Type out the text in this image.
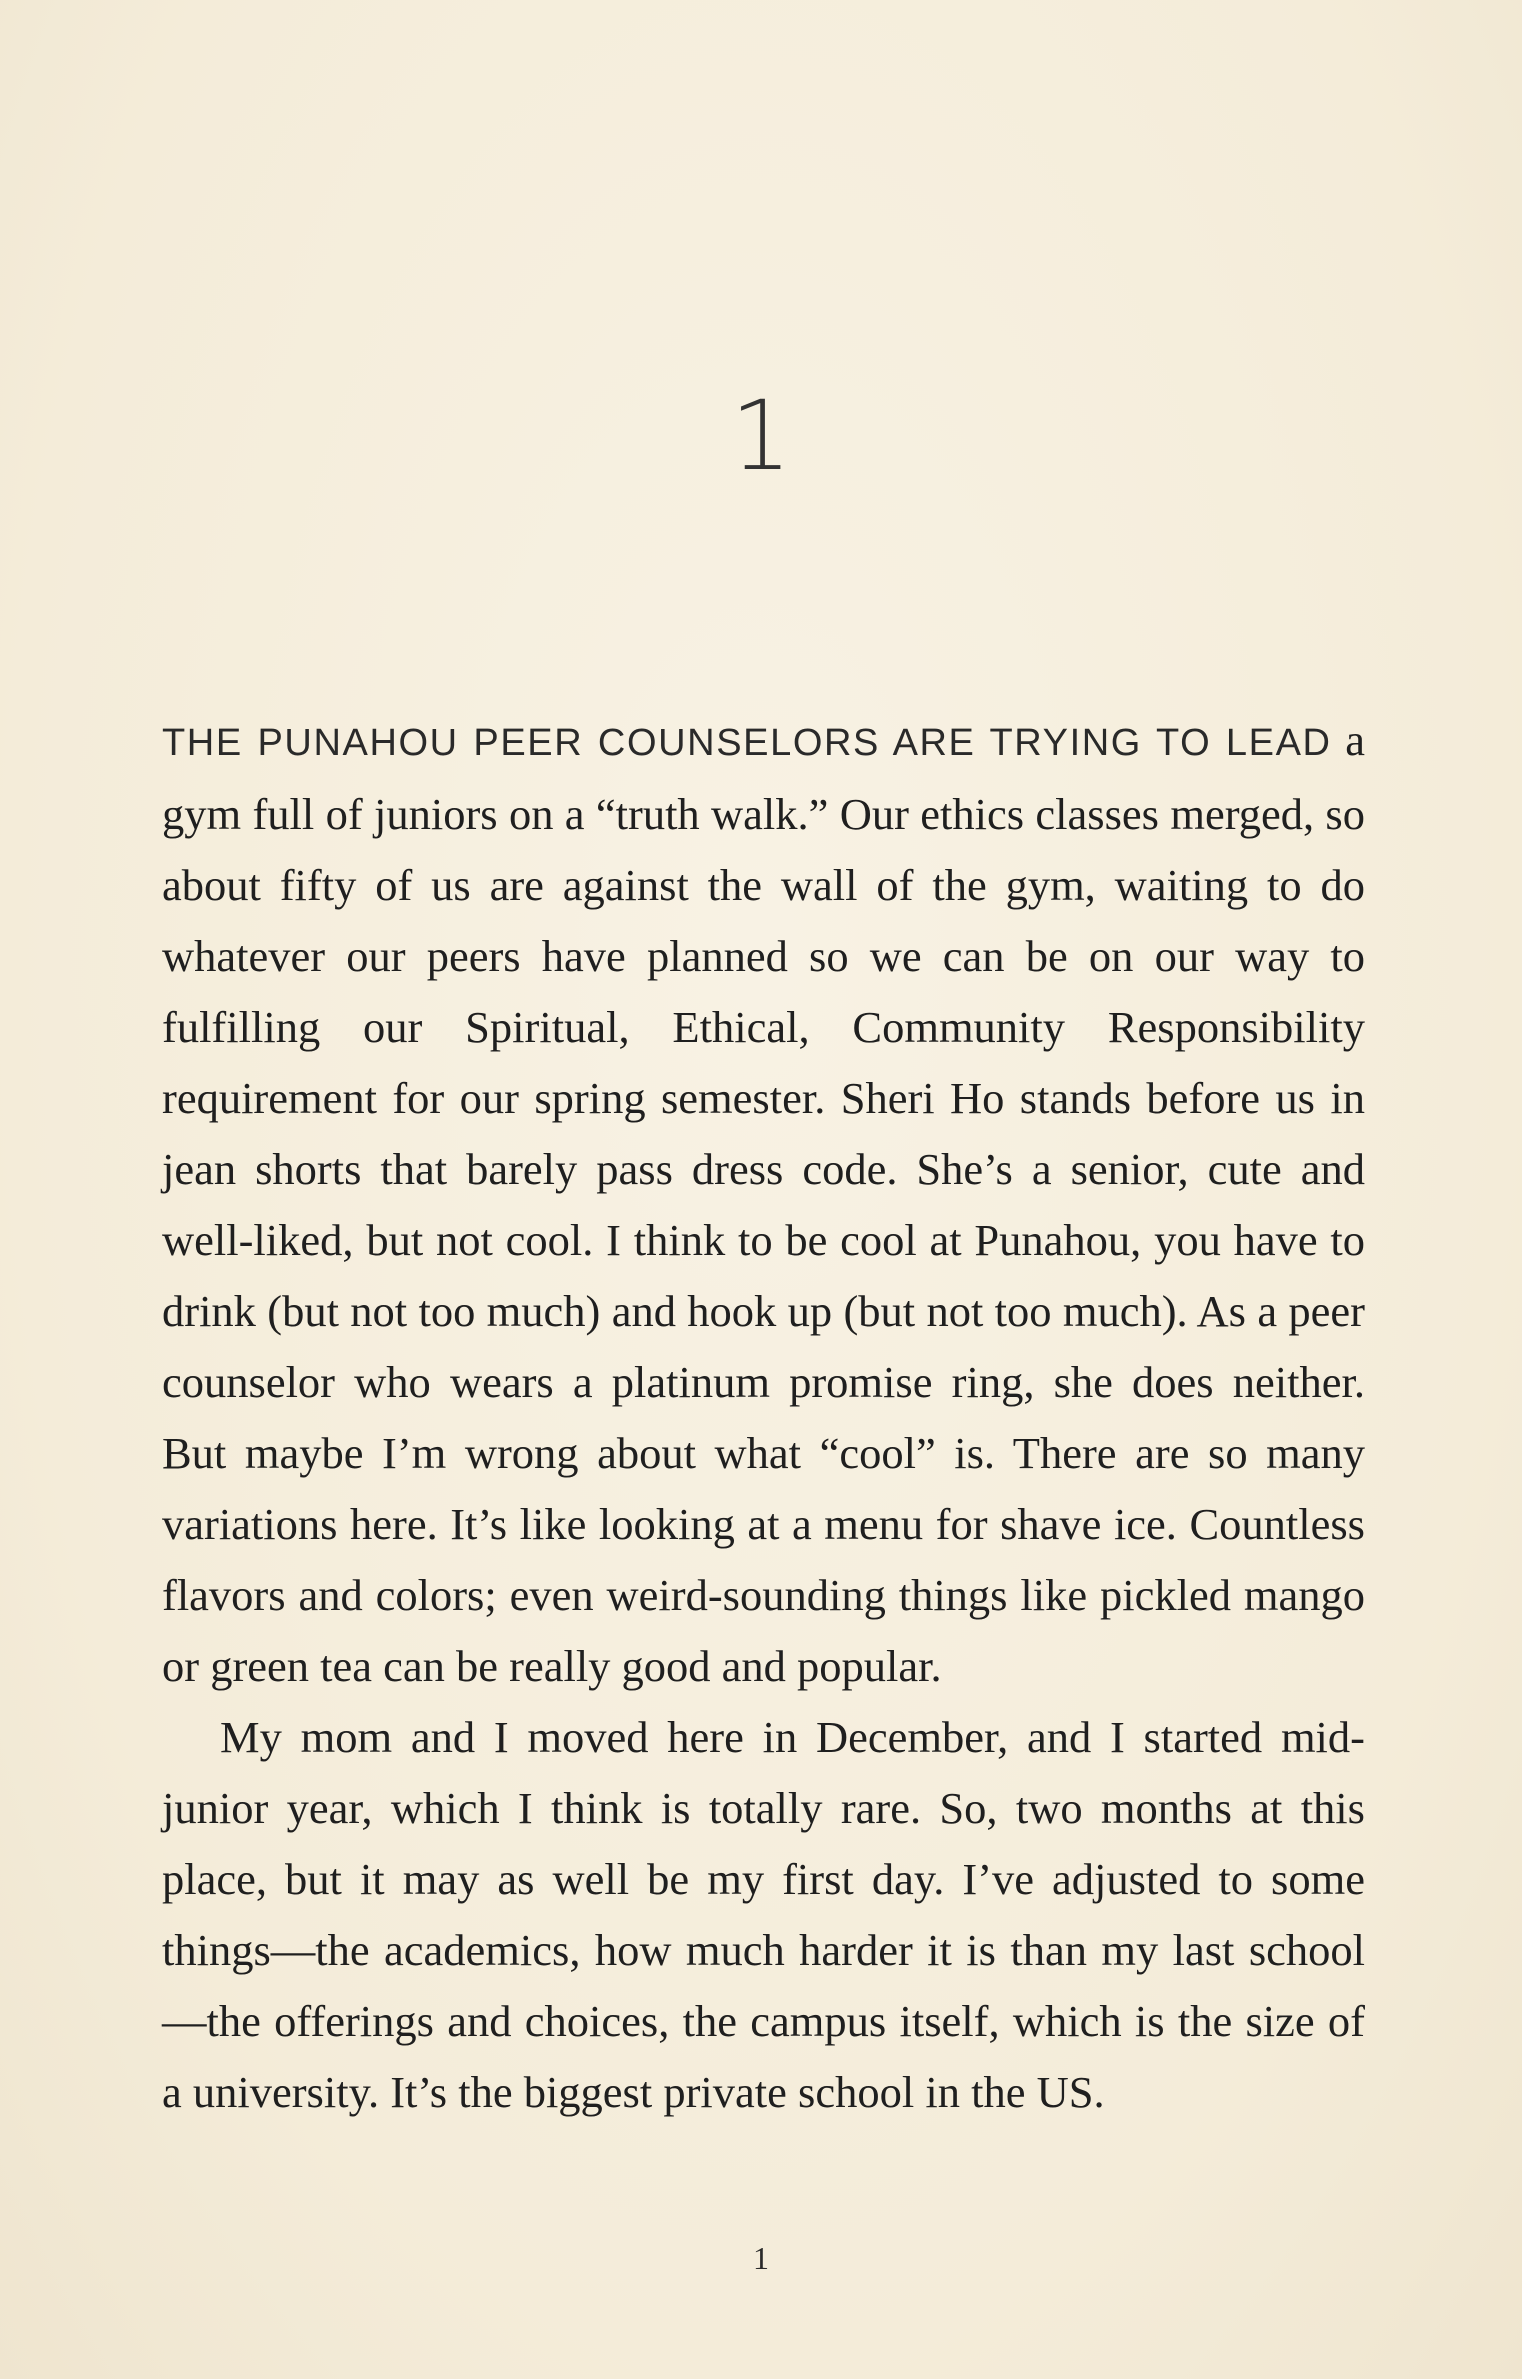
1

THE PUNAHOU PEER COUNSELORS ARE TRYING TO LEAD a gym full of juniors on a “truth walk.” Our ethics classes merged, so about fifty of us are against the wall of the gym, waiting to do whatever our peers have planned so we can be on our way to fulfilling our Spiritual, Ethical, Community Responsibility requirement for our spring semester. Sheri Ho stands before us in jean shorts that barely pass dress code. She’s a senior, cute and well-liked, but not cool. I think to be cool at Punahou, you have to drink (but not too much) and hook up (but not too much). As a peer counselor who wears a platinum promise ring, she does neither. But maybe I’m wrong about what “cool” is. There are so many variations here. It’s like looking at a menu for shave ice. Countless flavors and colors; even weird-sounding things like pickled mango or green tea can be really good and popular.

My mom and I moved here in December, and I started mid-junior year, which I think is totally rare. So, two months at this place, but it may as well be my first day. I’ve adjusted to some things—the academics, how much harder it is than my last school—the offerings and choices, the campus itself, which is the size of a university. It’s the biggest private school in the US.

1
